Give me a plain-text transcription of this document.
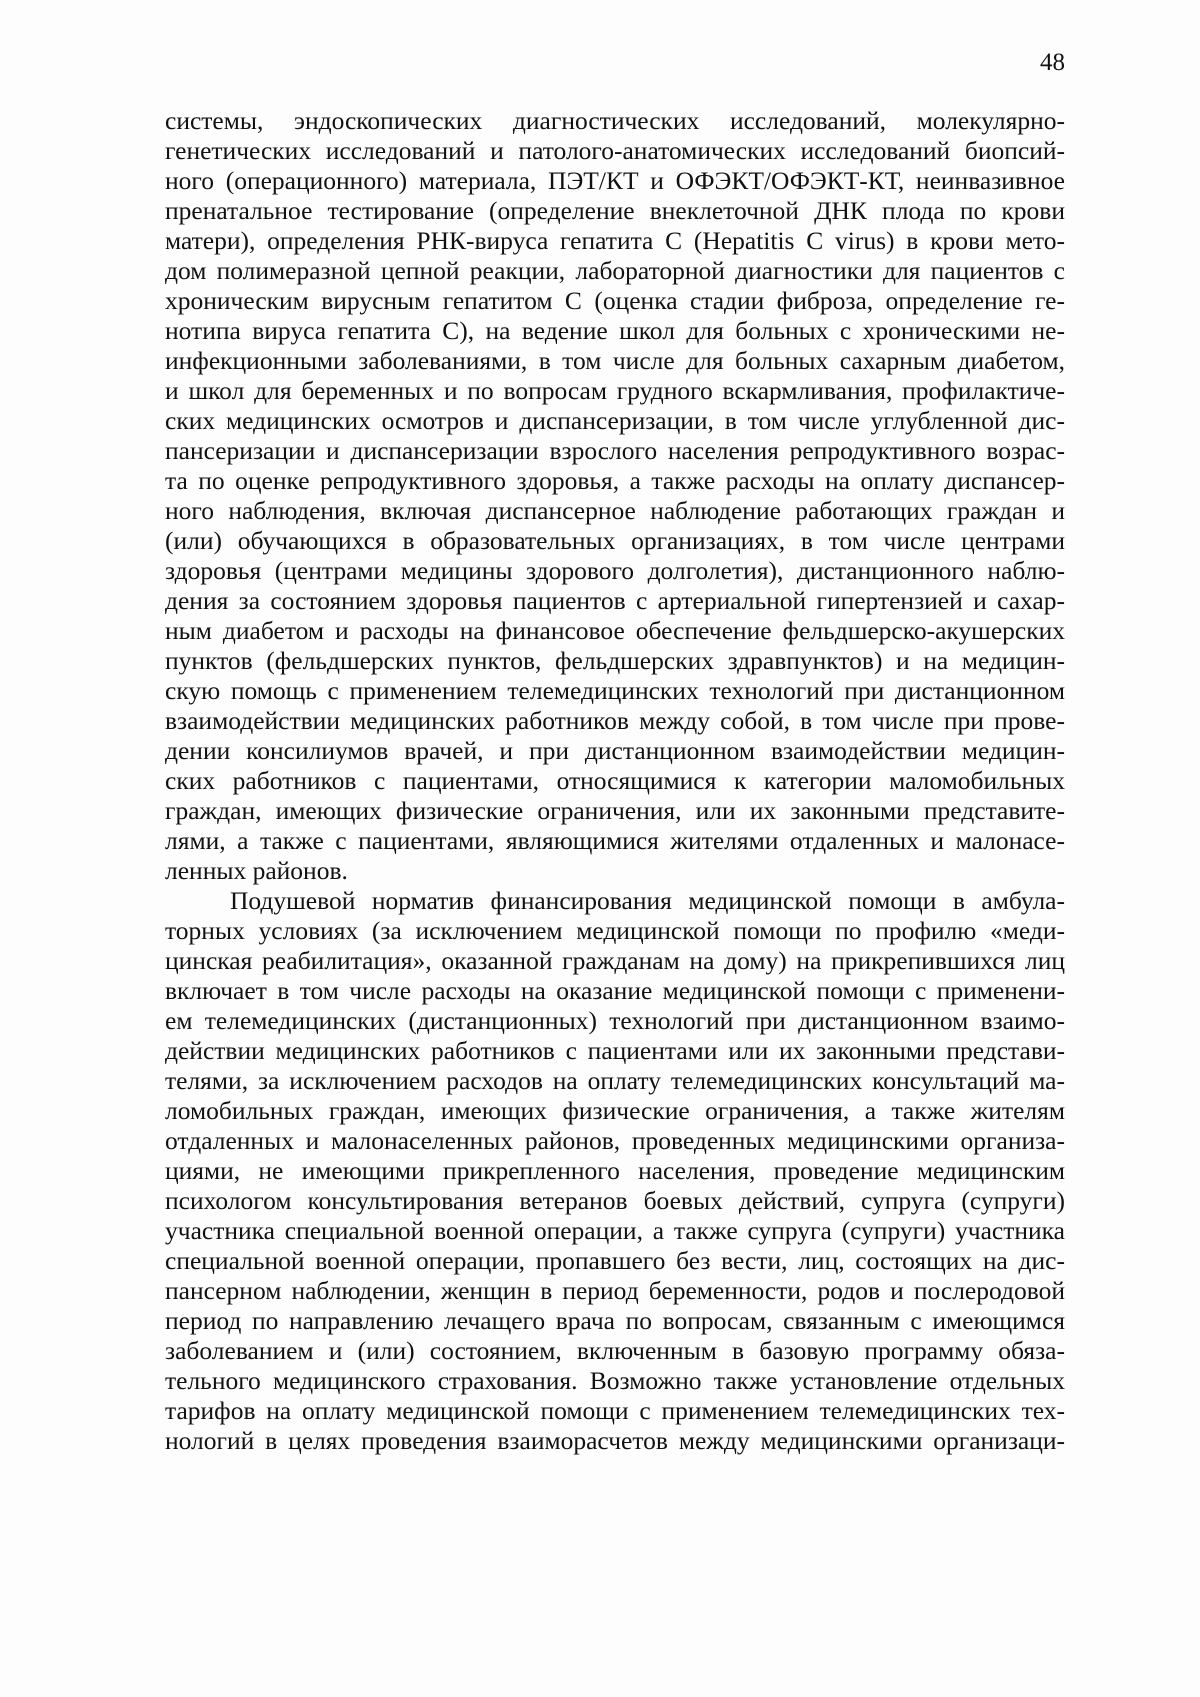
48

системы, эндоскопических диагностических исследований, молекулярно-
генетических исследований и патолого-анатомических исследований биопсий-
ного (операционного) материала, ПЭТ/КТ и ОФЭКТ/ОФЭКТ-КТ, неинвазивное
пренатальное тестирование (определение внеклеточной ДНК плода по крови
матери), определения РНК-вируса гепатита С (Hepatitis С virus) в крови мето-
дом полимеразной цепной реакции, лабораторной диагностики для пациентов с
хроническим вирусным гепатитом С (оценка стадии фиброза, определение ге-
нотипа вируса гепатита С), на ведение школ для больных с хроническими не-
инфекционными заболеваниями, в том числе для больных сахарным диабетом,
и школ для беременных и по вопросам грудного вскармливания, профилактиче-
ских медицинских осмотров и диспансеризации, в том числе углубленной дис-
пансеризации и диспансеризации взрослого населения репродуктивного возрас-
та по оценке репродуктивного здоровья, а также расходы на оплату диспансер-
ного наблюдения, включая диспансерное наблюдение работающих граждан и
(или) обучающихся в образовательных организациях, в том числе центрами
здоровья (центрами медицины здорового долголетия), дистанционного наблю-
дения за состоянием здоровья пациентов с артериальной гипертензией и сахар-
ным диабетом и расходы на финансовое обеспечение фельдшерско-акушерских
пунктов (фельдшерских пунктов, фельдшерских здравпунктов) и на медицин-
скую помощь с применением телемедицинских технологий при дистанционном
взаимодействии медицинских работников между собой, в том числе при прове-
дении консилиумов врачей, и при дистанционном взаимодействии медицин-
ских работников с пациентами, относящимися к категории маломобильных
граждан, имеющих физические ограничения, или их законными представите-
лями, а также с пациентами, являющимися жителями отдаленных и малонасе-
ленных районов.

Подушевой норматив финансирования медицинской помощи в амбула-
торных условиях (за исключением медицинской помощи по профилю «меди-
цинская реабилитация», оказанной гражданам на дому) на прикрепившихся лиц
включает в том числе расходы на оказание медицинской помощи с применени-
ем телемедицинских (дистанционных) технологий при дистанционном взаимо-
действии медицинских работников с пациентами или их законными представи-
телями, за исключением расходов на оплату телемедицинских консультаций ма-
ломобильных граждан, имеющих физические ограничения, а также жителям
отдаленных и малонаселенных районов, проведенных медицинскими организа-
циями, не имеющими прикрепленного населения, проведение медицинским
психологом консультирования ветеранов боевых действий, супруга (супруги)
участника специальной военной операции, а также супруга (супруги) участника
специальной военной операции, пропавшего без вести, лиц, состоящих на дис-
пансерном наблюдении, женщин в период беременности, родов и послеродовой
период по направлению лечащего врача по вопросам, связанным с имеющимся
заболеванием и (или) состоянием, включенным в базовую программу обяза-
тельного медицинского страхования. Возможно также установление отдельных
тарифов на оплату медицинской помощи с применением телемедицинских тех-
нологий в целях проведения взаиморасчетов между медицинскими организаци-
